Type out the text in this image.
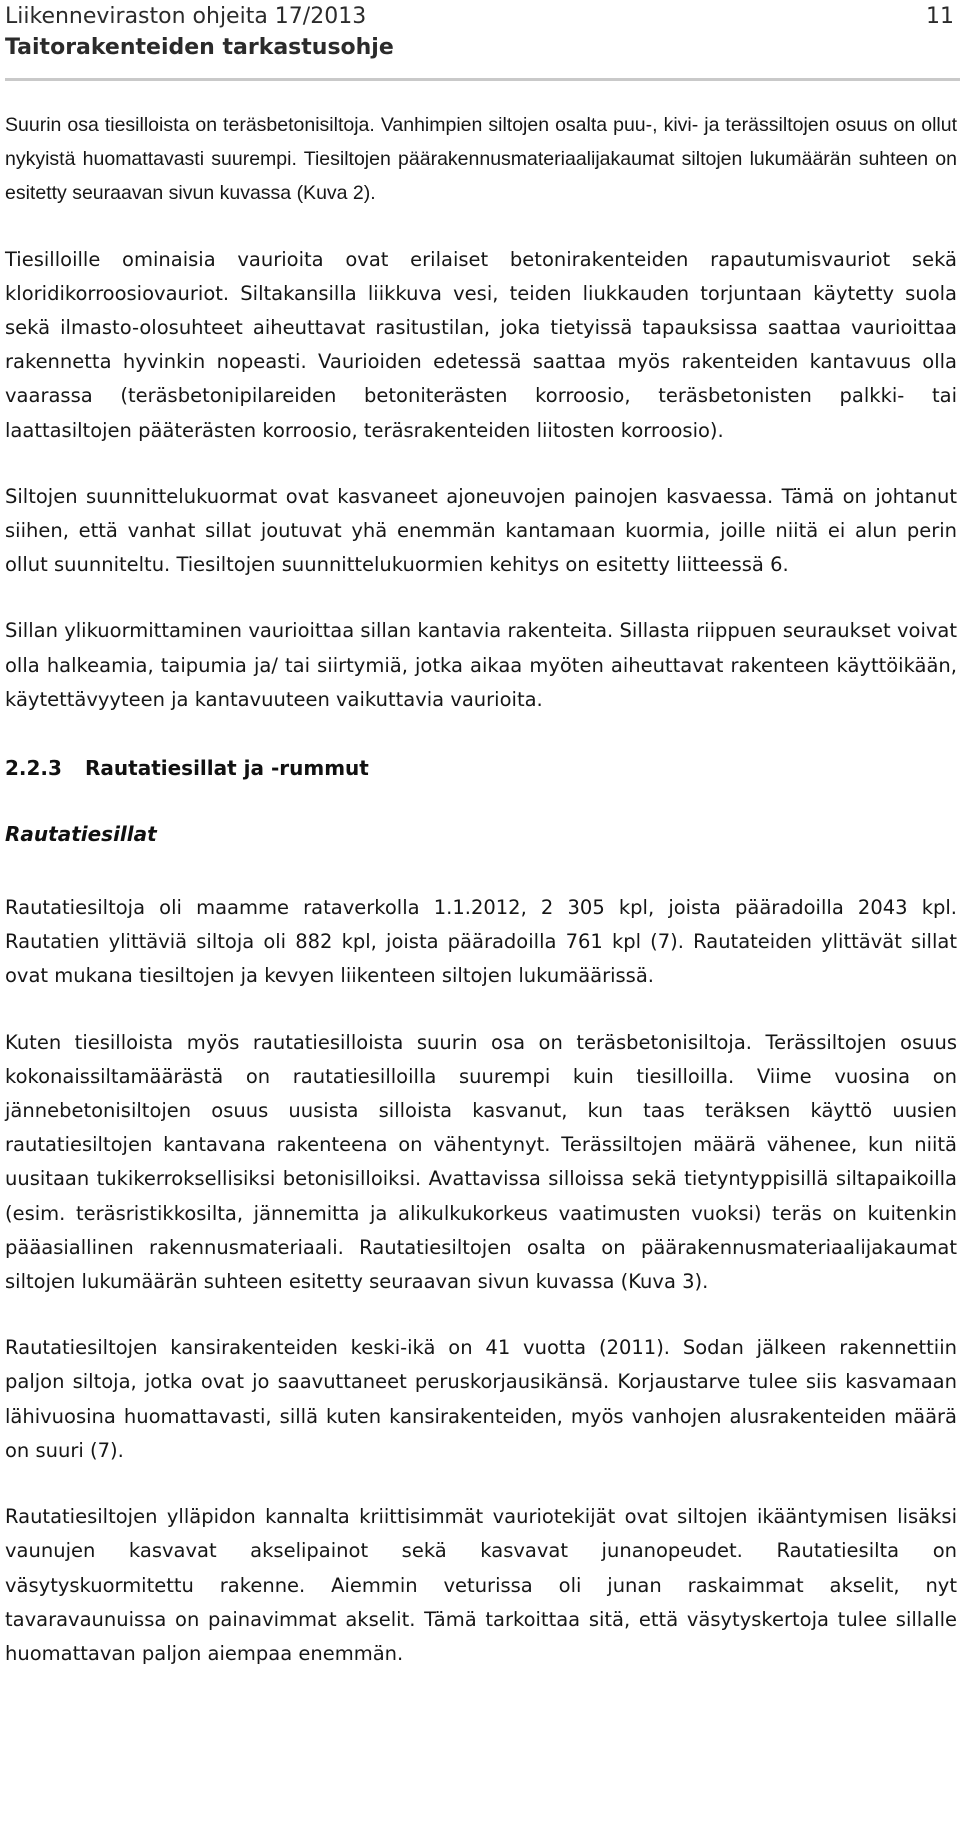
Liikenneviraston ohjeita 17/2013
Taitorakenteiden tarkastusohje
11

Suurin osa tiesilloista on teräsbetonisiltoja. Vanhimpien siltojen osalta puu-, kivi- ja terässiltojen osuus on ollut nykyistä huomattavasti suurempi. Tiesiltojen päärakennusmateriaalijakaumat siltojen lukumäärän suhteen on esitetty seuraavan sivun kuvassa (Kuva 2).

Tiesilloille ominaisia vaurioita ovat erilaiset betonirakenteiden rapautumisvauriot sekä kloridikorroosiovauriot. Siltakansilla liikkuva vesi, teiden liukkauden torjuntaan käytetty suola sekä ilmasto-olosuhteet aiheuttavat rasitustilan, joka tietyissä tapauksissa saattaa vaurioittaa rakennetta hyvinkin nopeasti. Vaurioiden edetessä saattaa myös rakenteiden kantavuus olla vaarassa (teräsbetonipilareiden betoniterästen korroosio, teräsbetonisten palkki- tai laattasiltojen pääterästen korroosio, teräsrakenteiden liitosten korroosio).

Siltojen suunnittelukuormat ovat kasvaneet ajoneuvojen painojen kasvaessa. Tämä on johtanut siihen, että vanhat sillat joutuvat yhä enemmän kantamaan kuormia, joille niitä ei alun perin ollut suunniteltu. Tiesiltojen suunnittelukuormien kehitys on esitetty liitteessä 6.

Sillan ylikuormittaminen vaurioittaa sillan kantavia rakenteita. Sillasta riippuen seuraukset voivat olla halkeamia, taipumia ja/ tai siirtymiä, jotka aikaa myöten aiheuttavat rakenteen käyttöikään, käytettävyyteen ja kantavuuteen vaikuttavia vaurioita.

2.2.3 Rautatiesillat ja -rummut
Rautatiesillat

Rautatiesiltoja oli maamme rataverkolla 1.1.2012, 2 305 kpl, joista pääradoilla 2043 kpl. Rautatien ylittäviä siltoja oli 882 kpl, joista pääradoilla 761 kpl (7). Rautateiden ylittävät sillat ovat mukana tiesiltojen ja kevyen liikenteen siltojen lukumäärissä.

Kuten tiesilloista myös rautatiesilloista suurin osa on teräsbetonisiltoja. Terässiltojen osuus kokonaissiltamäärästä on rautatiesilloilla suurempi kuin tiesilloilla. Viime vuosina on jännebetonisiltojen osuus uusista silloista kasvanut, kun taas teräksen käyttö uusien rautatiesiltojen kantavana rakenteena on vähentynyt. Terässiltojen määrä vähenee, kun niitä uusitaan tukikerroksellisiksi betonisilloiksi. Avattavissa silloissa sekä tietyntyppisillä siltapaikoilla (esim. teräsristikkosilta, jännemitta ja alikulkukorkeus vaatimusten vuoksi) teräs on kuitenkin pääasiallinen rakennusmateriaali. Rautatiesiltojen osalta on päärakennusmateriaalijakaumat siltojen lukumäärän suhteen esitetty seuraavan sivun kuvassa (Kuva 3).

Rautatiesiltojen kansirakenteiden keski-ikä on 41 vuotta (2011). Sodan jälkeen rakennettiin paljon siltoja, jotka ovat jo saavuttaneet peruskorjausikänsä. Korjaustarve tulee siis kasvamaan lähivuosina huomattavasti, sillä kuten kansirakenteiden, myös vanhojen alusrakenteiden määrä on suuri (7).

Rautatiesiltojen ylläpidon kannalta kriittisimmät vauriotekijät ovat siltojen ikääntymisen lisäksi vaunujen kasvavat akselipainot sekä kasvavat junanopeudet. Rautatiesilta on väsytyskuormitettu rakenne. Aiemmin veturissa oli junan raskaimmat akselit, nyt tavaravaunuissa on painavimmat akselit. Tämä tarkoittaa sitä, että väsytyskertoja tulee sillalle huomattavan paljon aiempaa enemmän.
